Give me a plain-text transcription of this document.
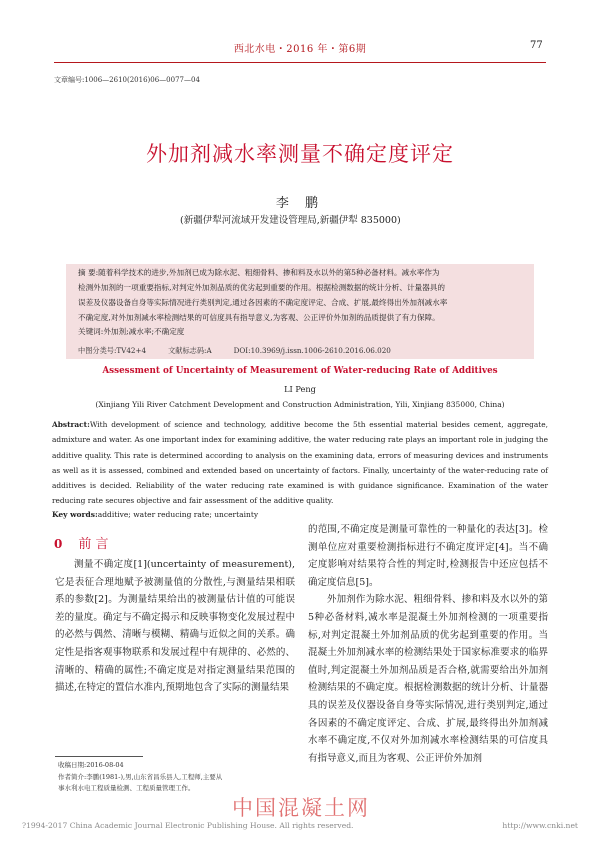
西北水电・2016 年・第6期	77
文章编号:1006—2610(2016)06—0077—04
外加剂减水率测量不确定度评定
李 鹏
(新疆伊犁河流域开发建设管理局,新疆伊犁 835000)
摘 要:随着科学技术的进步,外加剂已成为除水泥、粗细骨料、掺和料及水以外的第5种必备材料。减水率作为
检测外加剂的一项重要指标,对判定外加剂品质的优劣起到重要的作用。根据检测数据的统计分析、计量器具的
误差及仪器设备自身等实际情况进行类别判定,通过各因素的不确定度评定、合成、扩展,最终得出外加剂减水率
不确定度,对外加剂减水率检测结果的可信度具有指导意义,为客观、公正评价外加剂的品质提供了有力保障。
关键词:外加剂;减水率;不确定度
中图分类号:TV42+4	文献标志码:A	DOI:10.3969/j.issn.1006-2610.2016.06.020
Assessment of Uncertainty of Measurement of Water-reducing Rate of Additives
LI Peng
(Xinjiang Yili River Catchment Development and Construction Administration, Yili, Xinjiang 835000, China)
Abstract:With development of science and technology, additive become the 5th essential material besides cement, aggregate, admixture and water. As one important index for examining additive, the water reducing rate plays an important role in judging the additive quality. This rate is determined according to analysis on the examining data, errors of measuring devices and instruments as well as it is assessed, combined and extended based on uncertainty of factors. Finally, uncertainty of the water-reducing rate of additives is decided. Reliability of the water reducing rate examined is with guidance significance. Examination of the water reducing rate secures objective and fair assessment of the additive quality.
Key words:additive; water reducing rate; uncertainty
0 前 言

测量不确定度[1](uncertainty of measurement),它是表征合理地赋予被测量值的分散性,与测量结果相联系的参数[2]。为测量结果给出的被测量估计值的可能误差的量度。确定与不确定揭示和反映事物变化发展过程中的必然与偶然、清晰与模糊、精确与近似之间的关系。确定性是指客观事物联系和发展过程中有规律的、必然的、清晰的、精确的属性;不确定度是对指定测量结果范围的描述,在特定的置信水准内,预期地包含了实际的测量结果

的范围,不确定度是测量可靠性的一种量化的表达[3]。检测单位应对重要检测指标进行不确定度评定[4]。当不确定度影响对结果符合性的判定时,检测报告中还应包括不确定度信息[5]。

外加剂作为除水泥、粗细骨料、掺和料及水以外的第5种必备材料,减水率是混凝土外加剂检测的一项重要指标,对判定混凝土外加剂品质的优劣起到重要的作用。当混凝土外加剂减水率的检测结果处于国家标准要求的临界值时,判定混凝土外加剂品质是否合格,就需要给出外加剂检测结果的不确定度。根据检测数据的统计分析、计量器具的误差及仪器设备自身等实际情况,进行类别判定,通过各因素的不确定度评定、合成、扩展,最终得出外加剂减水率不确定度,不仅对外加剂减水率检测结果的可信度具有指导意义,而且为客观、公正评价外加剂

收稿日期:2016-08-04
作者简介:李鹏(1981-),男,山东省昌乐县人,工程师,主要从
事水利水电工程质量检测、工程质量管理工作。
中国混凝土网
?1994-2017 China Academic Journal Electronic Publishing House. All rights reserved.	http://www.cnki.net
